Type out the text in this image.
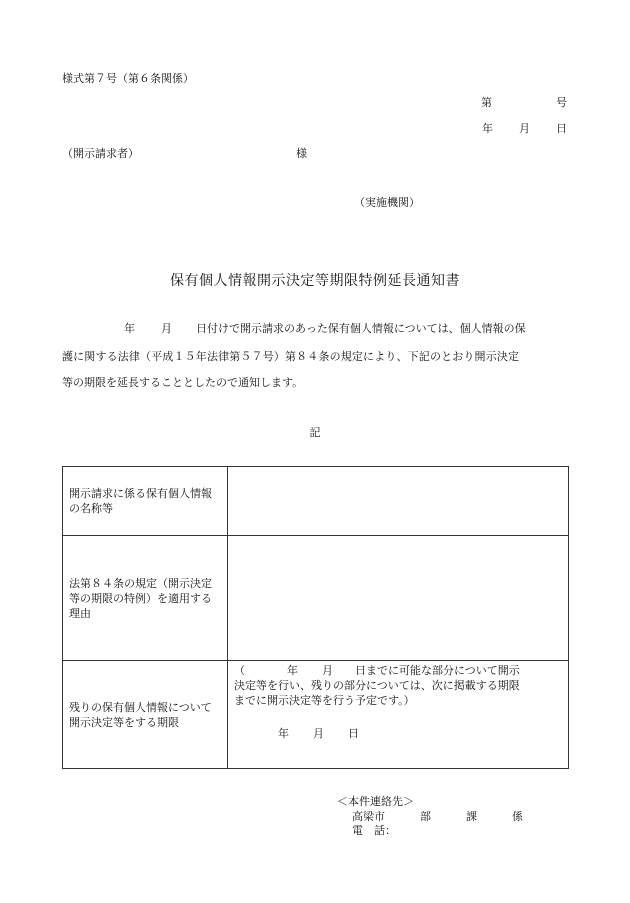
様式第７号（第６条関係）
第	号
年 月 日
（開示請求者）	様
（実施機関）
保有個人情報開示決定等期限特例延長通知書
年 月 日付けで開示請求のあった保有個人情報については、個人情報の保
護に関する法律（平成１５年法律第５７号）第８４条の規定により、下記のとおり開示決定
等の期限を延長することとしたので通知します。
記
開示請求に係る保有個人情報の名称等	
法第８４条の規定（開示決定等の期限の特例）を適用する理由	
残りの保有個人情報について開示決定等をする期限	（ 年 月 日までに可能な部分について開示
決定等を行い、残りの部分については、次に掲載する期限
までに開示決定等を行う予定です。）
年 月 日
＜本件連絡先＞
高梁市	部	課	係
電　話：
